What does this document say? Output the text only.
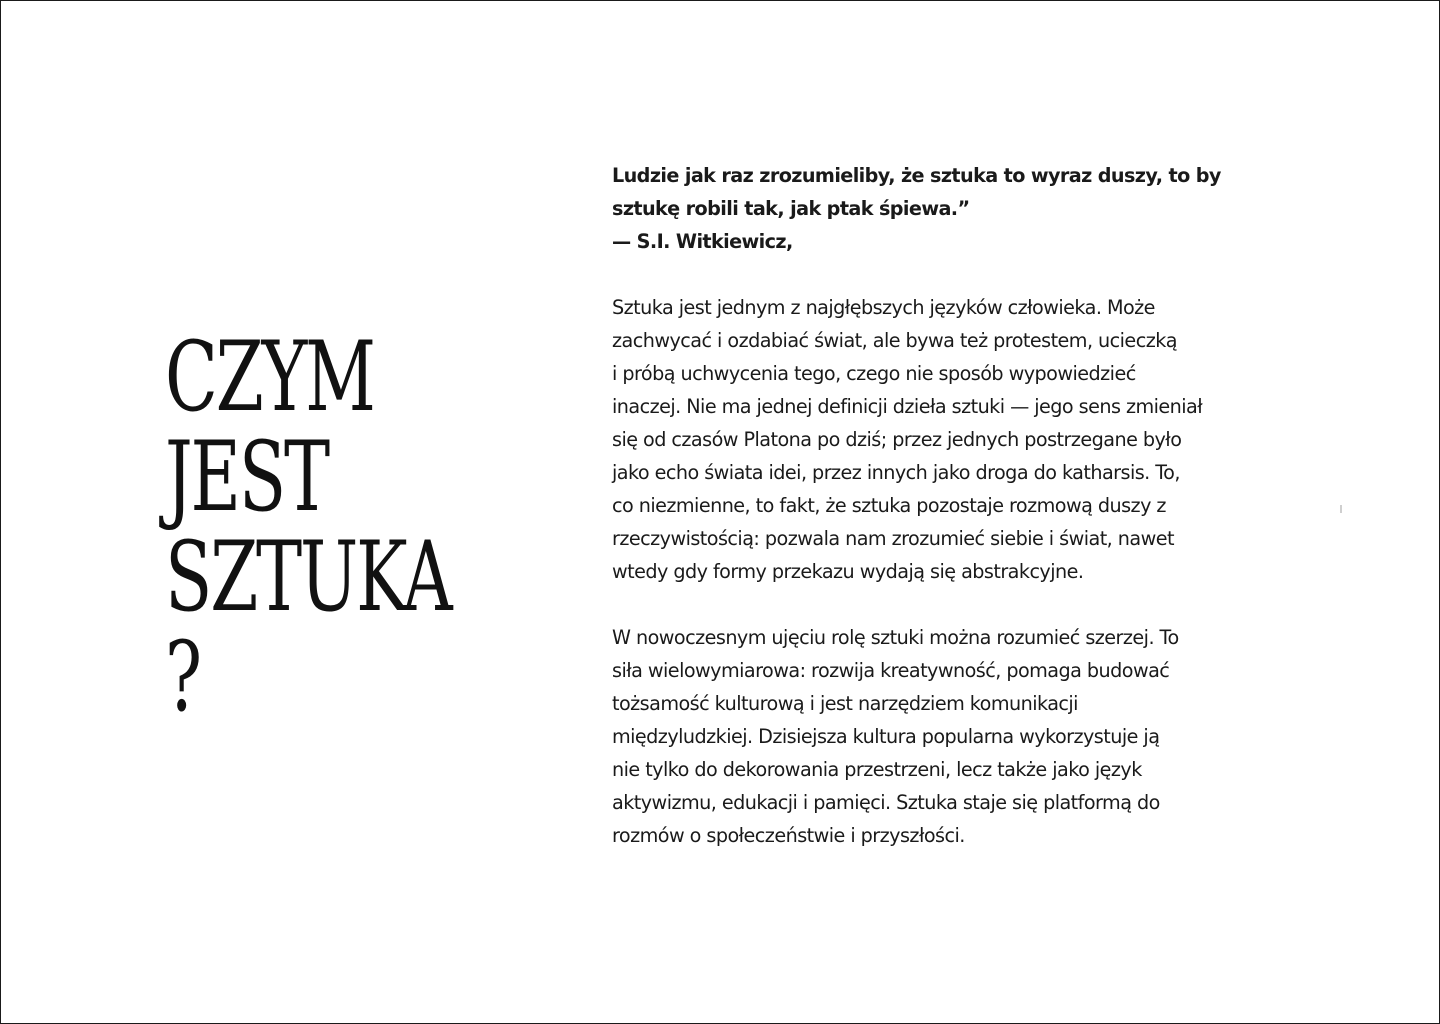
CZYM
JEST
SZTUKA
?

Ludzie jak raz zrozumieliby, że sztuka to wyraz duszy, to by
sztukę robili tak, jak ptak śpiewa.”
— S.I. Witkiewicz,

Sztuka jest jednym z najgłębszych języków człowieka. Może
zachwycać i ozdabiać świat, ale bywa też protestem, ucieczką
i próbą uchwycenia tego, czego nie sposób wypowiedzieć
inaczej. Nie ma jednej definicji dzieła sztuki — jego sens zmieniał
się od czasów Platona po dziś; przez jednych postrzegane było
jako echo świata idei, przez innych jako droga do katharsis. To,
co niezmienne, to fakt, że sztuka pozostaje rozmową duszy z
rzeczywistością: pozwala nam zrozumieć siebie i świat, nawet
wtedy gdy formy przekazu wydają się abstrakcyjne.

W nowoczesnym ujęciu rolę sztuki można rozumieć szerzej. To
siła wielowymiarowa: rozwija kreatywność, pomaga budować
tożsamość kulturową i jest narzędziem komunikacji
międzyludzkiej. Dzisiejsza kultura popularna wykorzystuje ją
nie tylko do dekorowania przestrzeni, lecz także jako język
aktywizmu, edukacji i pamięci. Sztuka staje się platformą do
rozmów o społeczeństwie i przyszłości.
